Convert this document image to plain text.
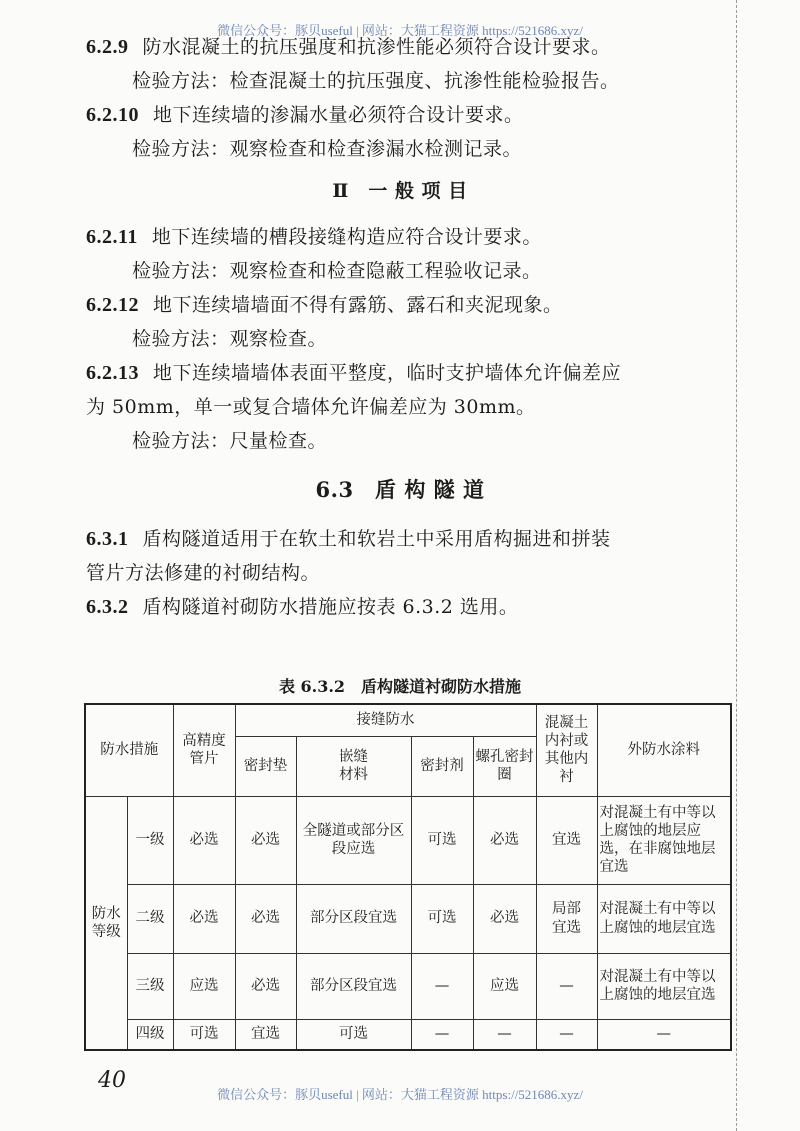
微信公众号：豚贝useful | 网站：大猫工程资源 https://521686.xyz/
6.2.9 防水混凝土的抗压强度和抗渗性能必须符合设计要求。
检验方法：检查混凝土的抗压强度、抗渗性能检验报告。
6.2.10 地下连续墙的渗漏水量必须符合设计要求。
检验方法：观察检查和检查渗漏水检测记录。
Ⅱ　一 般 项 目
6.2.11 地下连续墙的槽段接缝构造应符合设计要求。
检验方法：观察检查和检查隐蔽工程验收记录。
6.2.12 地下连续墙墙面不得有露筋、露石和夹泥现象。
检验方法：观察检查。
6.2.13 地下连续墙墙体表面平整度，临时支护墙体允许偏差应
为 50mm，单一或复合墙体允许偏差应为 30mm。
检验方法：尺量检查。
6.3　盾 构 隧 道
6.3.1 盾构隧道适用于在软土和软岩土中采用盾构掘进和拼装
管片方法修建的衬砌结构。
6.3.2 盾构隧道衬砌防水措施应按表 6.3.2 选用。
表 6.3.2　盾构隧道衬砌防水措施
防水措施		高精度管片	接缝防水				混凝土内衬或其他内衬	外防水涂料
			密封垫	嵌缝材料	密封剂	螺孔密封圈		
防水等级	一级	必选	必选	全隧道或部分区段应选	可选	必选	宜选	对混凝土有中等以上腐蚀的地层应选，在非腐蚀地层宜选
	二级	必选	必选	部分区段宜选	可选	必选	局部宜选	对混凝土有中等以上腐蚀的地层宜选
	三级	应选	必选	部分区段宜选	—	应选	—	对混凝土有中等以上腐蚀的地层宜选
	四级	可选	宜选	可选	—	—	—	—
40
微信公众号：豚贝useful | 网站：大猫工程资源 https://521686.xyz/
